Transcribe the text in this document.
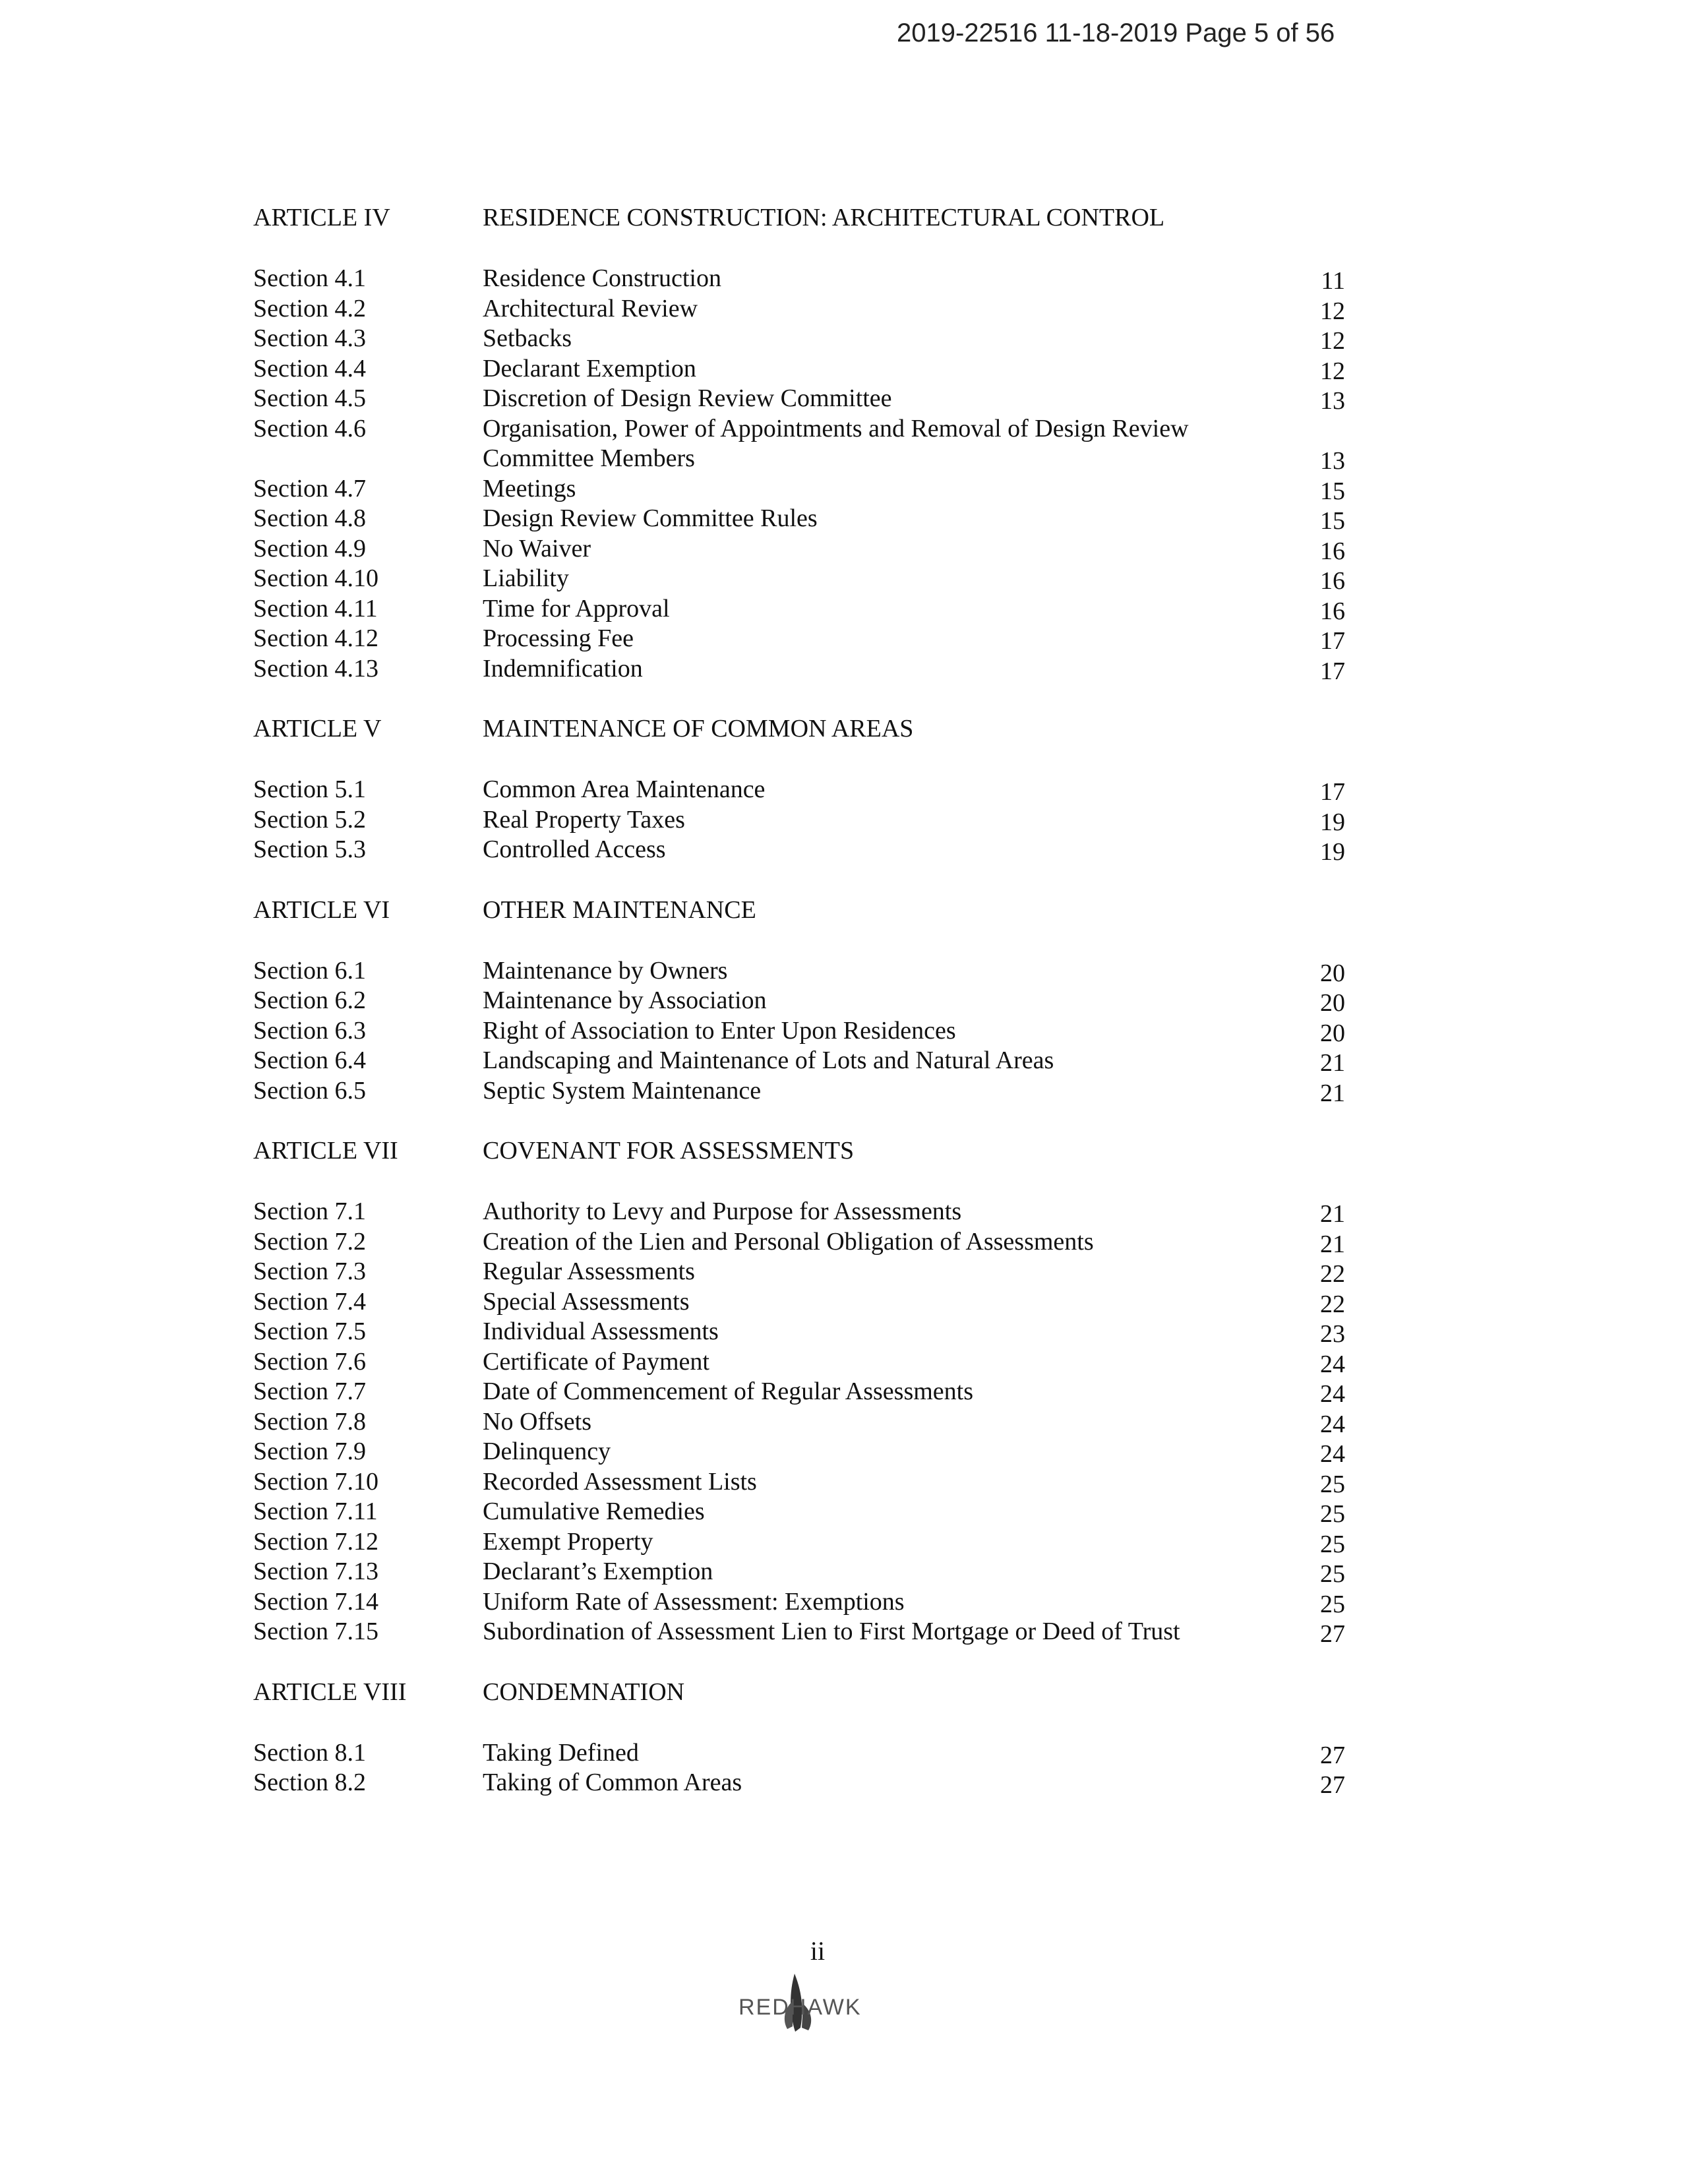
2019-22516 11-18-2019 Page 5 of 56
ARTICLE IV	RESIDENCE CONSTRUCTION: ARCHITECTURAL CONTROL
Section 4.1	Residence Construction	11
Section 4.2	Architectural Review	12
Section 4.3	Setbacks	12
Section 4.4	Declarant Exemption	12
Section 4.5	Discretion of Design Review Committee	13
Section 4.6	Organisation, Power of Appointments and Removal of Design Review Committee Members	13
Section 4.7	Meetings	15
Section 4.8	Design Review Committee Rules	15
Section 4.9	No Waiver	16
Section 4.10	Liability	16
Section 4.11	Time for Approval	16
Section 4.12	Processing Fee	17
Section 4.13	Indemnification	17
ARTICLE V	MAINTENANCE OF COMMON AREAS
Section 5.1	Common Area Maintenance	17
Section 5.2	Real Property Taxes	19
Section 5.3	Controlled Access	19
ARTICLE VI	OTHER MAINTENANCE
Section 6.1	Maintenance by Owners	20
Section 6.2	Maintenance by Association	20
Section 6.3	Right of Association to Enter Upon Residences	20
Section 6.4	Landscaping and Maintenance of Lots and Natural Areas	21
Section 6.5	Septic System Maintenance	21
ARTICLE VII	COVENANT FOR ASSESSMENTS
Section 7.1	Authority to Levy and Purpose for Assessments	21
Section 7.2	Creation of the Lien and Personal Obligation of Assessments	21
Section 7.3	Regular Assessments	22
Section 7.4	Special Assessments	22
Section 7.5	Individual Assessments	23
Section 7.6	Certificate of Payment	24
Section 7.7	Date of Commencement of Regular Assessments	24
Section 7.8	No Offsets	24
Section 7.9	Delinquency	24
Section 7.10	Recorded Assessment Lists	25
Section 7.11	Cumulative Remedies	25
Section 7.12	Exempt Property	25
Section 7.13	Declarant’s Exemption	25
Section 7.14	Uniform Rate of Assessment: Exemptions	25
Section 7.15	Subordination of Assessment Lien to First Mortgage or Deed of Trust	27
ARTICLE VIII	CONDEMNATION
Section 8.1	Taking Defined	27
Section 8.2	Taking of Common Areas	27
ii
REDHAWK
